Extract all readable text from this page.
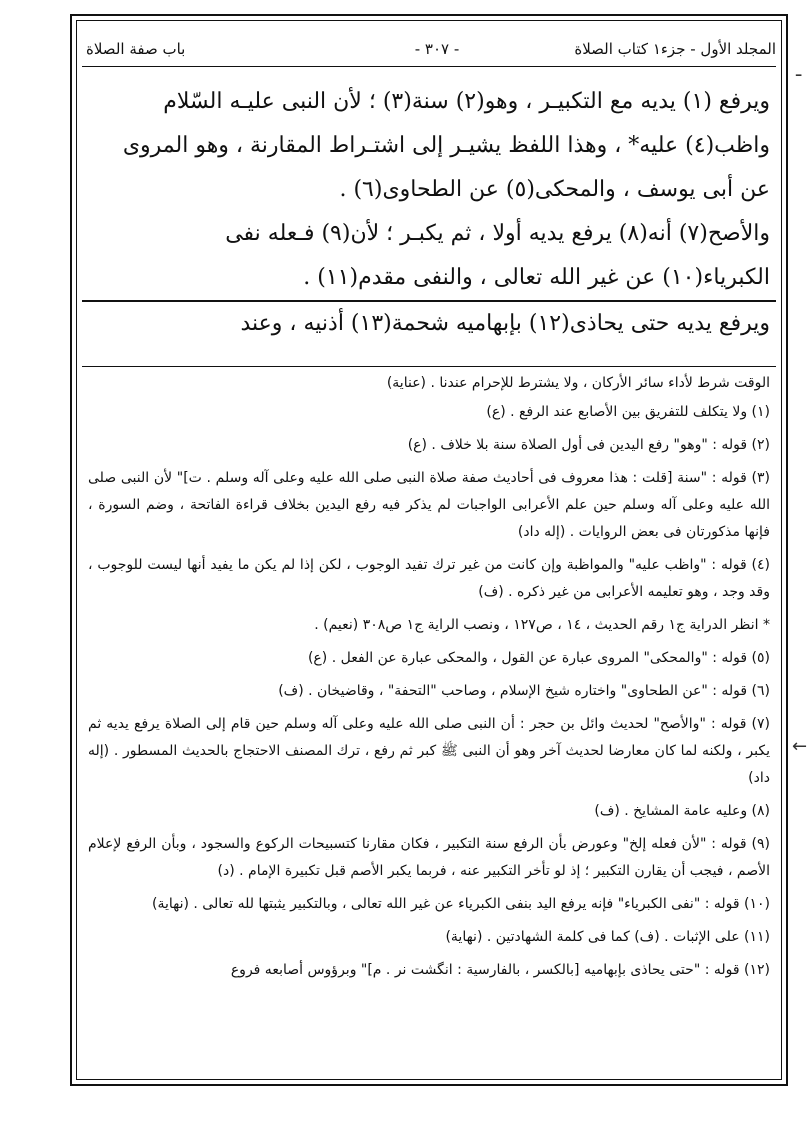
المجلد الأول - جزء١ كتاب الصلاة
- ٣٠٧ -
باب صفة الصلاة

ويرفع (١) يديه مع التكبيـر ، وهو(٢) سنة(٣) ؛ لأن النبى عليـه السّلام

واظب(٤) عليه* ، وهذا اللفظ يشيـر إلى اشتـراط المقارنة ، وهو المروى

عن أبى يوسف ، والمحكى(٥) عن الطحاوى(٦) .

والأصح(٧) أنه(٨) يرفع يديه أولا ، ثم يكبـر ؛ لأن(٩) فـعله نفى

الكبرياء(١٠) عن غير الله تعالى ، والنفى مقدم(١١) .

ويرفع يديه حتى يحاذى(١٢) بإبهاميه شحمة(١٣) أذنيه ، وعند

الوقت شرط لأداء سائر الأركان ، ولا يشترط للإحرام عندنا . (عناية)

(١) ولا يتكلف للتفريق بين الأصابع عند الرفع . (ع)

(٢) قوله : "وهو" رفع اليدين فى أول الصلاة سنة بلا خلاف . (ع)

(٣) قوله : "سنة [قلت : هذا معروف فى أحاديث صفة صلاة النبى صلى الله عليه وعلى آله وسلم . ت]" لأن النبى صلى الله عليه وعلى آله وسلم حين علم الأعرابى الواجبات لم يذكر فيه رفع اليدين بخلاف قراءة الفاتحة ، وضم السورة ، فإنها مذكورتان فى بعض الروايات . (إله داد)

(٤) قوله : "واظب عليه" والمواظبة وإن كانت من غير ترك تفيد الوجوب ، لكن إذا لم يكن ما يفيد أنها ليست للوجوب ، وقد وجد ، وهو تعليمه الأعرابى من غير ذكره . (ف)

* انظر الدراية ج١ رقم الحديث ، ١٤ ، ص١٢٧ ، ونصب الراية ج١ ص٣٠٨ (نعيم) .

(٥) قوله : "والمحكى" المروى عبارة عن القول ، والمحكى عبارة عن الفعل . (ع)

(٦) قوله : "عن الطحاوى" واختاره شيخ الإسلام ، وصاحب "التحفة" ، وقاضيخان . (ف)

(٧) قوله : "والأصح" لحديث وائل بن حجر : أن النبى صلى الله عليه وعلى آله وسلم حين قام إلى الصلاة يرفع يديه ثم يكبر ، ولكنه لما كان معارضا لحديث آخر وهو أن النبى ﷺ كبر ثم رفع ، ترك المصنف الاحتجاج بالحديث المسطور . (إله داد)

(٨) وعليه عامة المشايخ . (ف)

(٩) قوله : "لأن فعله إلخ" وعورض بأن الرفع سنة التكبير ، فكان مقارنا كتسبيحات الركوع والسجود ، وبأن الرفع لإعلام الأصم ، فيجب أن يقارن التكبير ؛ إذ لو تأخر التكبير عنه ، فربما يكبر الأصم قبل تكبيرة الإمام . (د)

(١٠) قوله : "نفى الكبرياء" فإنه يرفع اليد بنفى الكبرياء عن غير الله تعالى ، وبالتكبير يثبتها لله تعالى . (نهاية)

(١١) على الإثبات . (ف) كما فى كلمة الشهادتين . (نهاية)

(١٢) قوله : "حتى يحاذى بإبهاميه [بالكسر ، بالفارسية : انگشت نر . م]" وبرؤوس أصابعه فروع

ـ
←
